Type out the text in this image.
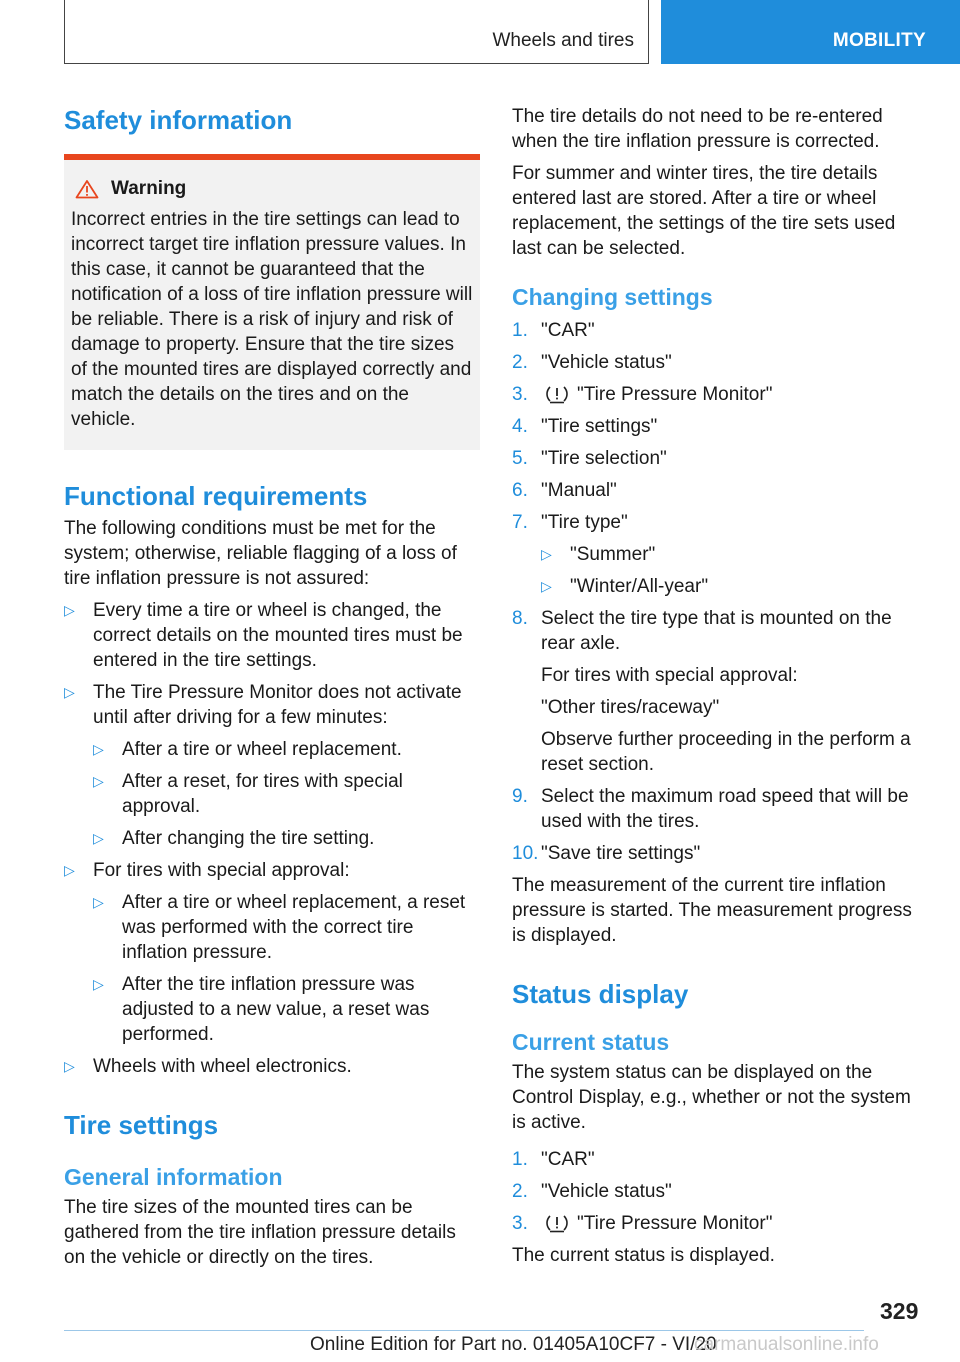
Wheels and tires	MOBILITY
Safety information
Warning

Incorrect entries in the tire settings can lead to incorrect target tire inflation pressure values. In this case, it cannot be guaranteed that the notification of a loss of tire inflation pressure will be reliable. There is a risk of injury and risk of damage to property. Ensure that the tire sizes of the mounted tires are displayed correctly and match the details on the tires and on the vehicle.

Functional requirements

The following conditions must be met for the system; otherwise, reliable flagging of a loss of tire inflation pressure is not assured:

▷ Every time a tire or wheel is changed, the correct details on the mounted tires must be entered in the tire settings.
▷ The Tire Pressure Monitor does not activate until after driving for a few minutes:
▷ After a tire or wheel replacement.
▷ After a reset, for tires with special approval.
▷ After changing the tire setting.
▷ For tires with special approval:
▷ After a tire or wheel replacement, a reset was performed with the correct tire inflation pressure.
▷ After the tire inflation pressure was adjusted to a new value, a reset was performed.
▷ Wheels with wheel electronics.
Tire settings
General information

The tire sizes of the mounted tires can be gathered from the tire inflation pressure details on the vehicle or directly on the tires.

The tire details do not need to be re-entered when the tire inflation pressure is corrected.

For summer and winter tires, the tire details entered last are stored. After a tire or wheel replacement, the settings of the tire sets used last can be selected.

Changing settings
1. "CAR"
2. "Vehicle status"
3.	"Tire Pressure Monitor"
4. "Tire settings"
5. "Tire selection"
6. "Manual"
7. "Tire type"
▷ "Summer"
▷ "Winter/All-year"
8. Select the tire type that is mounted on the rear axle.
For tires with special approval:
"Other tires/raceway"
Observe further proceeding in the perform a reset section.
9. Select the maximum road speed that will be used with the tires.
10. "Save tire settings"

The measurement of the current tire inflation pressure is started. The measurement progress is displayed.

Status display
Current status

The system status can be displayed on the Control Display, e.g., whether or not the system is active.

1. "CAR"
2. "Vehicle status"
3.	"Tire Pressure Monitor"

The current status is displayed.

329
Online Edition for Part no. 01405A10CF7 - VI/20
carmanualsonline.info
